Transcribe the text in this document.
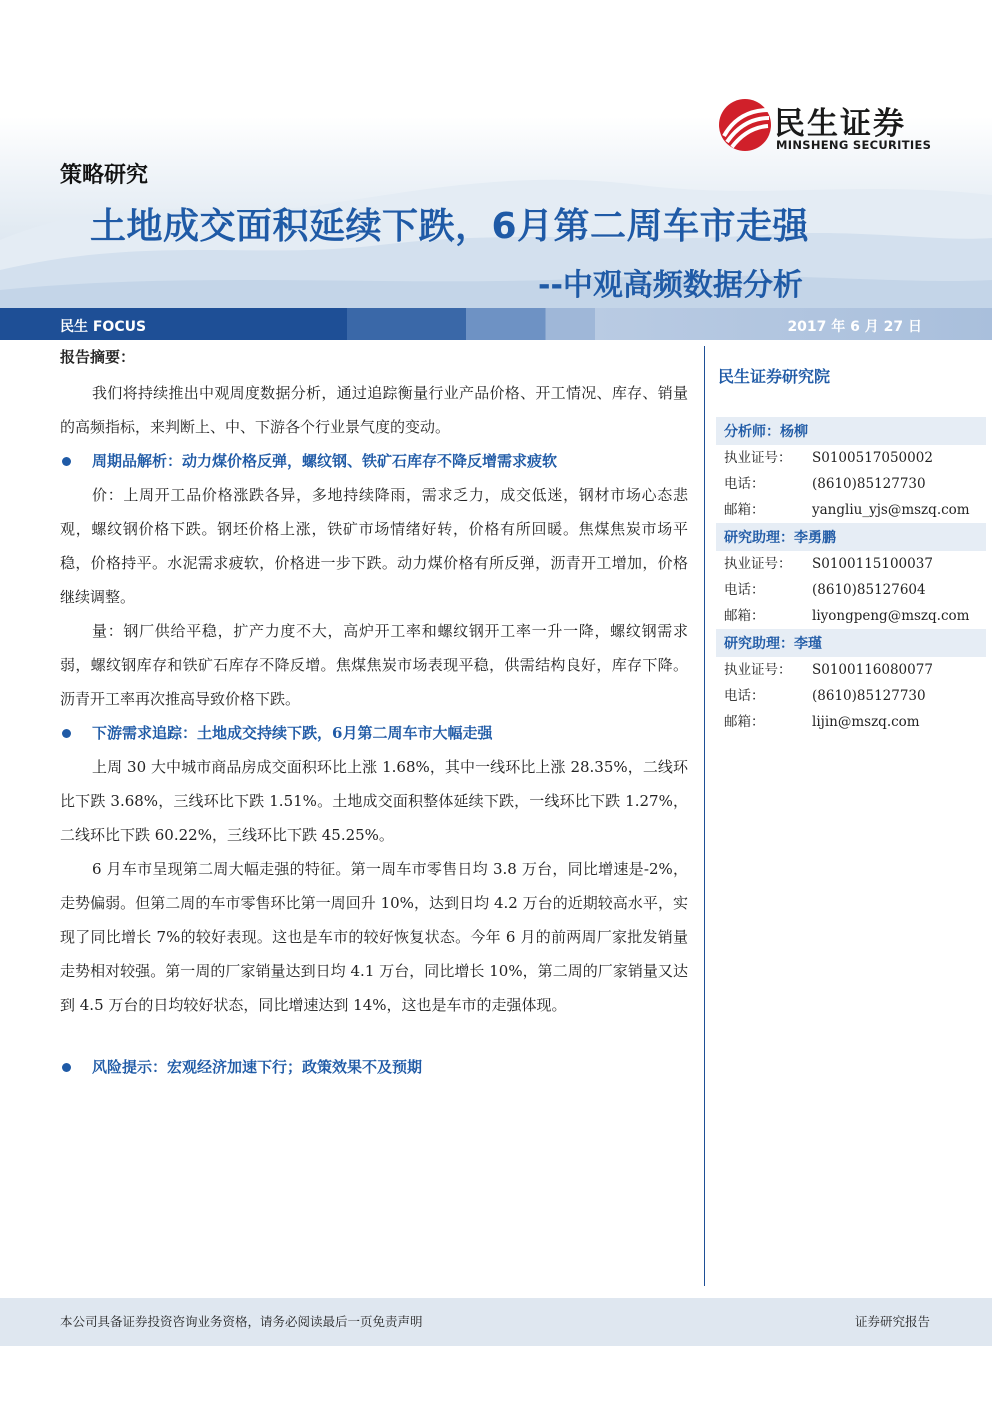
民生证券
MINSHENG SECURITIES
策略研究
土地成交面积延续下跌，6月第二周车市走强
--中观高频数据分析
民生 FOCUS	2017 年 6 月 27 日
报告摘要：

我们将持续推出中观周度数据分析，通过追踪衡量行业产品价格、开工情况、库存、销量的高频指标，来判断上、中、下游各个行业景气度的变动。

周期品解析：动力煤价格反弹，螺纹钢、铁矿石库存不降反增需求疲软

价：上周开工品价格涨跌各异，多地持续降雨，需求乏力，成交低迷，钢材市场心态悲观，螺纹钢价格下跌。钢坯价格上涨，铁矿市场情绪好转，价格有所回暖。焦煤焦炭市场平稳，价格持平。水泥需求疲软，价格进一步下跌。动力煤价格有所反弹，沥青开工增加，价格继续调整。

量：钢厂供给平稳，扩产力度不大，高炉开工率和螺纹钢开工率一升一降，螺纹钢需求弱，螺纹钢库存和铁矿石库存不降反增。焦煤焦炭市场表现平稳，供需结构良好，库存下降。沥青开工率再次推高导致价格下跌。

下游需求追踪：土地成交持续下跌，6月第二周车市大幅走强

上周 30 大中城市商品房成交面积环比上涨 1.68%，其中一线环比上涨 28.35%，二线环比下跌 3.68%，三线环比下跌 1.51%。土地成交面积整体延续下跌，一线环比下跌 1.27%，二线环比下跌 60.22%，三线环比下跌 45.25%。

6 月车市呈现第二周大幅走强的特征。第一周车市零售日均 3.8 万台，同比增速是-2%，走势偏弱。但第二周的车市零售环比第一周回升 10%，达到日均 4.2 万台的近期较高水平，实现了同比增长 7%的较好表现。这也是车市的较好恢复状态。今年 6 月的前两周厂家批发销量走势相对较强。第一周的厂家销量达到日均 4.1 万台，同比增长 10%，第二周的厂家销量又达到 4.5 万台的日均较好状态，同比增速达到 14%，这也是车市的走强体现。

风险提示：宏观经济加速下行；政策效果不及预期
民生证券研究院
分析师：杨柳
执业证号：	S0100517050002
电话：	(8610)85127730
邮箱：	yangliu_yjs@mszq.com
研究助理：李勇鹏
执业证号：	S0100115100037
电话：	(8610)85127604
邮箱：	liyongpeng@mszq.com
研究助理：李瑾
执业证号：	S0100116080077
电话：	(8610)85127730
邮箱：	lijin@mszq.com
本公司具备证券投资咨询业务资格，请务必阅读最后一页免责声明	证券研究报告
